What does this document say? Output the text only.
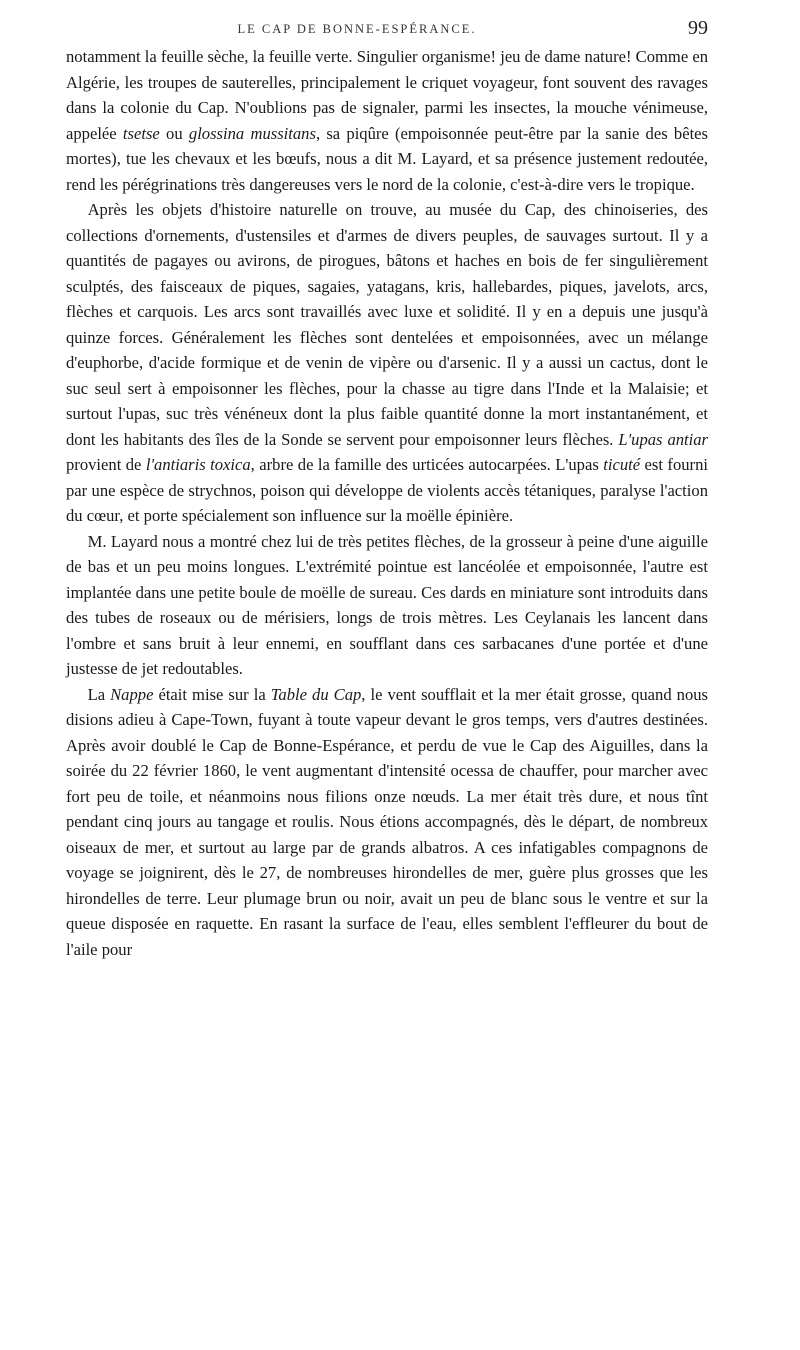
LE CAP DE BONNE-ESPÉRANCE.	99

notamment la feuille sèche, la feuille verte. Singulier organisme! jeu de dame nature! Comme en Algérie, les troupes de sauterelles, principalement le criquet voyageur, font souvent des ravages dans la colonie du Cap. N'oublions pas de signaler, parmi les insectes, la mouche vénimeuse, appelée tsetse ou glossina mussitans, sa piqûre (empoisonnée peut-être par la sanie des bêtes mortes), tue les chevaux et les bœufs, nous a dit M. Layard, et sa présence justement redoutée, rend les pérégrinations très dangereuses vers le nord de la colonie, c'est-à-dire vers le tropique.

Après les objets d'histoire naturelle on trouve, au musée du Cap, des chinoiseries, des collections d'ornements, d'ustensiles et d'armes de divers peuples, de sauvages surtout. Il y a quantités de pagayes ou avirons, de pirogues, bâtons et haches en bois de fer singulièrement sculptés, des faisceaux de piques, sagaies, yatagans, kris, hallebardes, piques, javelots, arcs, flèches et carquois. Les arcs sont travaillés avec luxe et solidité. Il y en a depuis une jusqu'à quinze forces. Généralement les flèches sont dentelées et empoisonnées, avec un mélange d'euphorbe, d'acide formique et de venin de vipère ou d'arsenic. Il y a aussi un cactus, dont le suc seul sert à empoisonner les flèches, pour la chasse au tigre dans l'Inde et la Malaisie; et surtout l'upas, suc très vénéneux dont la plus faible quantité donne la mort instantanément, et dont les habitants des îles de la Sonde se servent pour empoisonner leurs flèches. L'upas antiar provient de l'antiaris toxica, arbre de la famille des urticées autocarpées. L'upas ticuté est fourni par une espèce de strychnos, poison qui développe de violents accès tétaniques, paralyse l'action du cœur, et porte spécialement son influence sur la moëlle épinière.

M. Layard nous a montré chez lui de très petites flèches, de la grosseur à peine d'une aiguille de bas et un peu moins longues. L'extrémité pointue est lancéolée et empoisonnée, l'autre est implantée dans une petite boule de moëlle de sureau. Ces dards en miniature sont introduits dans des tubes de roseaux ou de mérisiers, longs de trois mètres. Les Ceylanais les lancent dans l'ombre et sans bruit à leur ennemi, en soufflant dans ces sarbacanes d'une portée et d'une justesse de jet redoutables.

La Nappe était mise sur la Table du Cap, le vent soufflait et la mer était grosse, quand nous disions adieu à Cape-Town, fuyant à toute vapeur devant le gros temps, vers d'autres destinées. Après avoir doublé le Cap de Bonne-Espérance, et perdu de vue le Cap des Aiguilles, dans la soirée du 22 février 1860, le vent augmentant d'intensité ocessa de chauffer, pour marcher avec fort peu de toile, et néanmoins nous filions onze nœuds. La mer était très dure, et nous tînt pendant cinq jours au tangage et roulis. Nous étions accompagnés, dès le départ, de nombreux oiseaux de mer, et surtout au large par de grands albatros. A ces infatigables compagnons de voyage se joignirent, dès le 27, de nombreuses hirondelles de mer, guère plus grosses que les hirondelles de terre. Leur plumage brun ou noir, avait un peu de blanc sous le ventre et sur la queue disposée en raquette. En rasant la surface de l'eau, elles semblent l'effleurer du bout de l'aile pour
